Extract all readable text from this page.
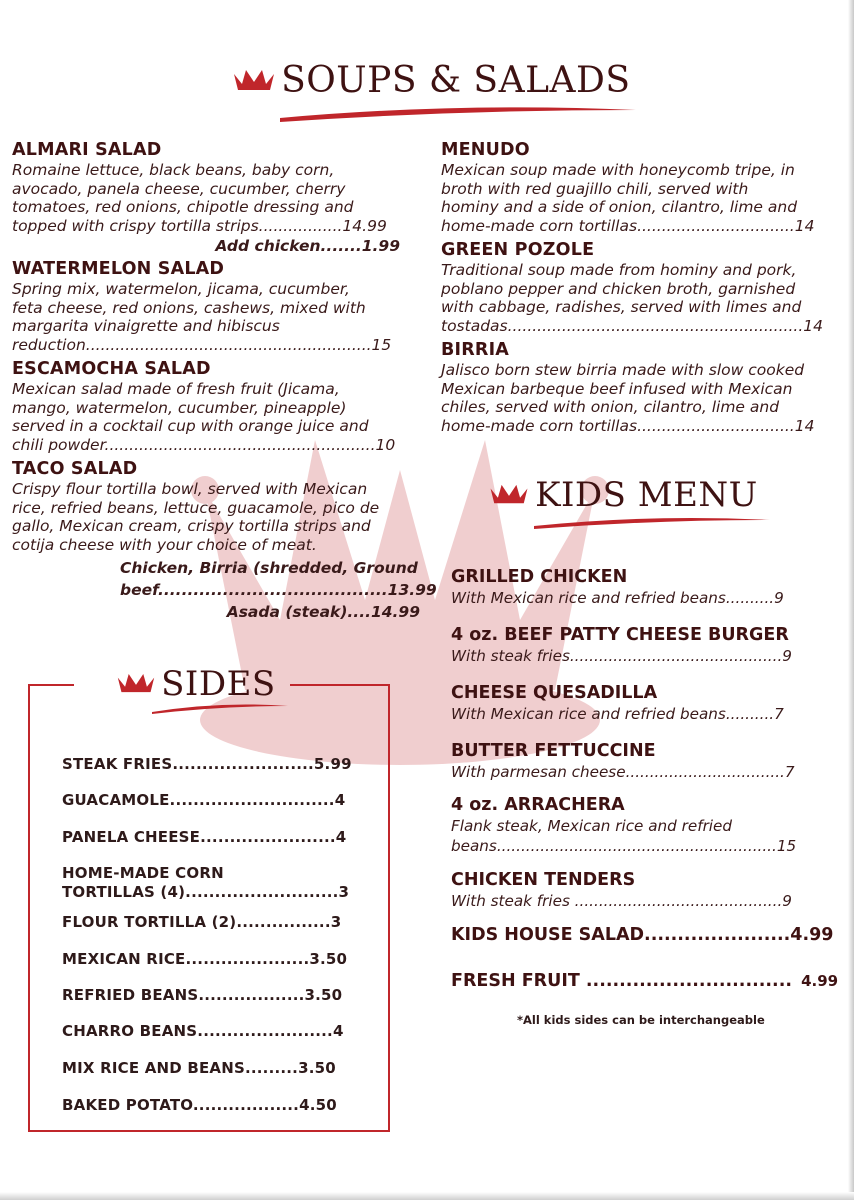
SOUPS & SALADS

ALMARI SALAD

Romaine lettuce, black beans, baby corn,

avocado, panela cheese, cucumber, cherry

tomatoes, red onions, chipotle dressing and

topped with crispy tortilla strips.................14.99

Add chicken.......1.99

WATERMELON SALAD

Spring mix, watermelon, jicama, cucumber,

feta cheese, red onions, cashews, mixed with

margarita vinaigrette and hibiscus

reduction..........................................................15

ESCAMOCHA SALAD

Mexican salad made of fresh fruit (Jicama,

mango, watermelon, cucumber, pineapple)

served in a cocktail cup with orange juice and

chili powder.......................................................10

TACO SALAD

Crispy flour tortilla bowl, served with Mexican

rice, refried beans, lettuce, guacamole, pico de

gallo, Mexican cream, crispy tortilla strips and

cotija cheese with your choice of meat.

Chicken, Birria (shredded, Ground
beef.......................................13.99
Asada (steak)....14.99

MENUDO

Mexican soup made with honeycomb tripe, in

broth with red guajillo chili, served with

hominy and a side of onion, cilantro, lime and

home-made corn tortillas................................14

GREEN POZOLE

Traditional soup made from hominy and pork,

poblano pepper and chicken broth, garnished

with cabbage, radishes, served with limes and

tostadas............................................................14

BIRRIA

Jalisco born stew birria made with slow cooked

Mexican barbeque beef infused with Mexican

chiles, served with onion, cilantro, lime and

home-made corn tortillas................................14

KIDS MENU
GRILLED CHICKEN
With Mexican rice and refried beans..........9
4 oz. BEEF PATTY CHEESE BURGER
With steak fries............................................9
CHEESE QUESADILLA
With Mexican rice and refried beans..........7
BUTTER FETTUCCINE
With parmesan cheese.................................7
4 oz. ARRACHERA
Flank steak, Mexican rice and refried
beans..........................................................15
CHICKEN TENDERS
With steak fries ...........................................9
KIDS HOUSE SALAD......................4.99
FRESH FRUIT ............................... 4.99
*All kids sides can be interchangeable
SIDES
STEAK FRIES........................5.99
GUACAMOLE............................4
PANELA CHEESE.......................4
HOME-MADE CORN
TORTILLAS (4)..........................3
FLOUR TORTILLA (2)................3
MEXICAN RICE.....................3.50
REFRIED BEANS..................3.50
CHARRO BEANS.......................4
MIX RICE AND BEANS.........3.50
BAKED POTATO..................4.50
